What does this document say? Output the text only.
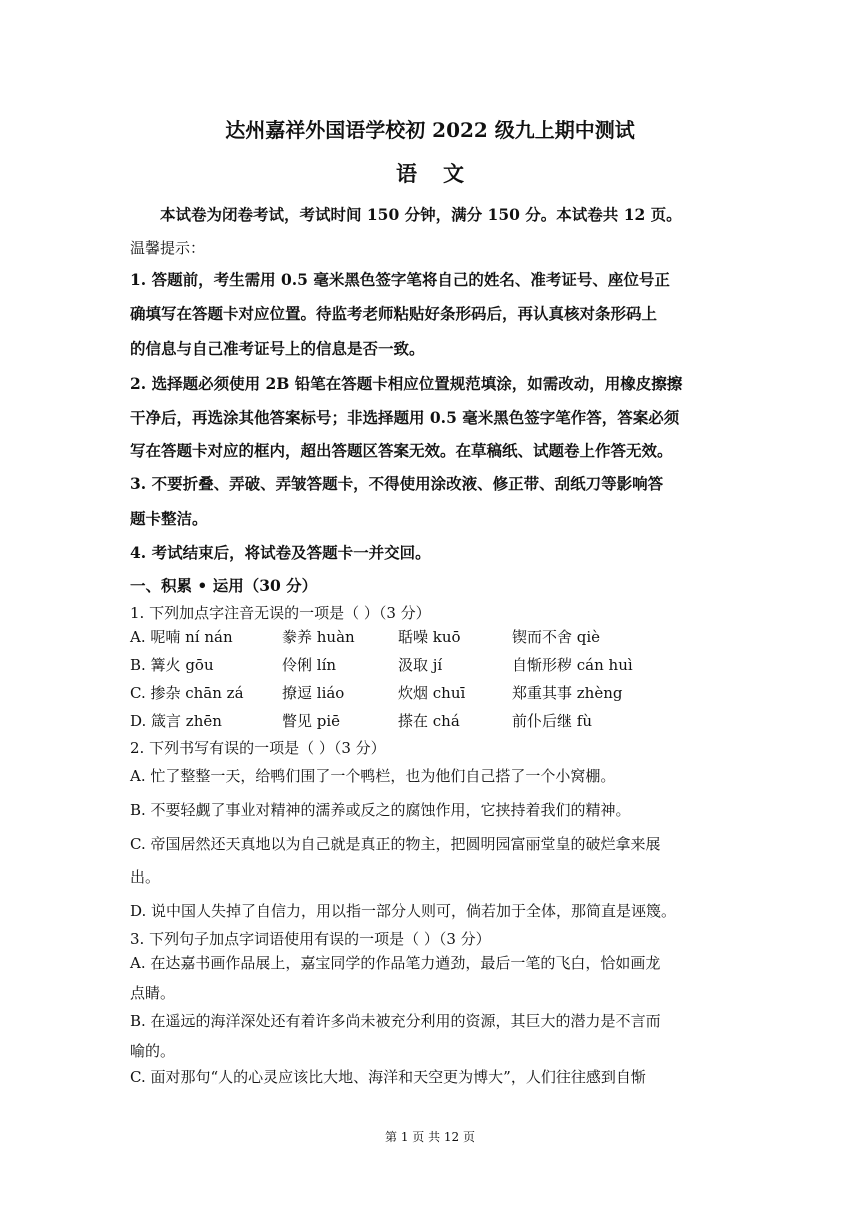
达州嘉祥外国语学校初 2022 级九上期中测试
语文
本试卷为闭卷考试，考试时间 150 分钟，满分 150 分。本试卷共 12 页。
温馨提示：
1. 答题前，考生需用 0.5 毫米黑色签字笔将自己的姓名、准考证号、座位号正
确填写在答题卡对应位置。待监考老师粘贴好条形码后，再认真核对条形码上
的信息与自己准考证号上的信息是否一致。
2. 选择题必须使用 2B 铅笔在答题卡相应位置规范填涂，如需改动，用橡皮擦擦
干净后，再选涂其他答案标号；非选择题用 0.5 毫米黑色签字笔作答，答案必须
写在答题卡对应的框内，超出答题区答案无效。在草稿纸、试题卷上作答无效。
3. 不要折叠、弄破、弄皱答题卡，不得使用涂改液、修正带、刮纸刀等影响答
题卡整洁。
4. 考试结束后，将试卷及答题卡一并交回。
一、积累 • 运用（30 分）
1. 下列加点字注音无误的一项是（ ）（3 分）
A. 呢喃 ní nán	豢养 huàn	聒噪 kuō	锲而不舍 qiè
B. 篝火 gōu	伶俐 lín	汲取 jí	自惭形秽 cán huì
C. 掺杂 chān zá	撩逗 liáo	炊烟 chuī	郑重其事 zhèng
D. 箴言 zhēn	瞥见 piē	搽在 chá	前仆后继 fù
2. 下列书写有误的一项是（ ）（3 分）
A. 忙了整整一天，给鸭们围了一个鸭栏，也为他们自己搭了一个小窝棚。
B. 不要轻觑了事业对精神的濡养或反之的腐蚀作用，它挟持着我们的精神。
C. 帝国居然还天真地以为自己就是真正的物主，把圆明园富丽堂皇的破烂拿来展
出。
D. 说中国人失掉了自信力，用以指一部分人则可，倘若加于全体，那简直是诬篾。
3. 下列句子加点字词语使用有误的一项是（ ）（3 分）
A. 在达嘉书画作品展上，嘉宝同学的作品笔力遒劲，最后一笔的飞白，恰如画龙
点睛。
B. 在遥远的海洋深处还有着许多尚未被充分利用的资源，其巨大的潜力是不言而
喻的。
C. 面对那句“人的心灵应该比大地、海洋和天空更为博大”，人们往往感到自惭
第 1 页 共 12 页
